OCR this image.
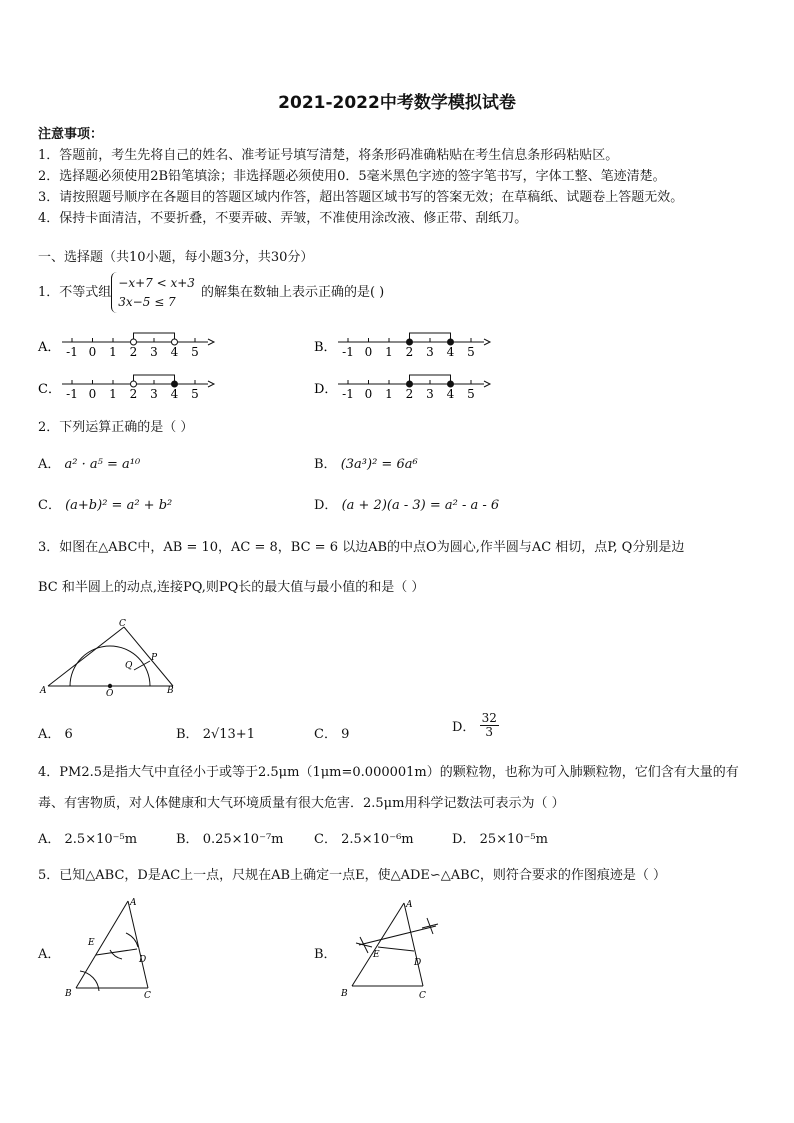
2021-2022中考数学模拟试卷
注意事项：
1．答题前，考生先将自己的姓名、准考证号填写清楚，将条形码准确粘贴在考生信息条形码粘贴区。
2．选择题必须使用2B铅笔填涂；非选择题必须使用0．5毫米黑色字迹的签字笔书写，字体工整、笔迹清楚。
3．请按照题号顺序在各题目的答题区域内作答，超出答题区域书写的答案无效；在草稿纸、试题卷上答题无效。
4．保持卡面清洁，不要折叠，不要弄破、弄皱，不准使用涂改液、修正带、刮纸刀。
一、选择题（共10小题，每小题3分，共30分）
1．不等式组
−x+7 < x+3
3x−5 ≤ 7
的解集在数轴上表示正确的是( )
A． -1 0 1 2 3 4 5	B． -1 0 1 2 3 4 5
C． -1 0 1 2 3 4 5	D． -1 0 1 2 3 4 5
2．下列运算正确的是（ ）
A． a² · a⁵ = a¹⁰	B． (3a³)² = 6a⁶
C． (a+b)² = a² + b²	D． (a + 2)(a - 3) = a² - a - 6
3．如图在△ABC中，AB = 10，AC = 8，BC = 6 以边AB的中点O为圆心,作半圆与AC 相切，点P, Q分别是边
BC 和半圆上的动点,连接PQ,则PQ长的最大值与最小值的和是（ ）
C
P
Q
A	O	B
A． 6	B． 2√13+1	C． 9	D． $\frac{32}{3}$
4．PM2.5是指大气中直径小于或等于2.5μm（1μm=0.000001m）的颗粒物，也称为可入肺颗粒物，它们含有大量的有
毒、有害物质，对人体健康和大气环境质量有很大危害．2.5μm用科学记数法可表示为（ ）
A． 2.5×10⁻⁵m	B． 0.25×10⁻⁷m C． 2.5×10⁻⁶m	D． 25×10⁻⁵m
5．已知△ABC，D是AC上一点，尺规在AB上确定一点E，使△ADE∽△ABC，则符合要求的作图痕迹是（ ）
A．
A
E
D
B	C
B．
A
E
D
B	C
